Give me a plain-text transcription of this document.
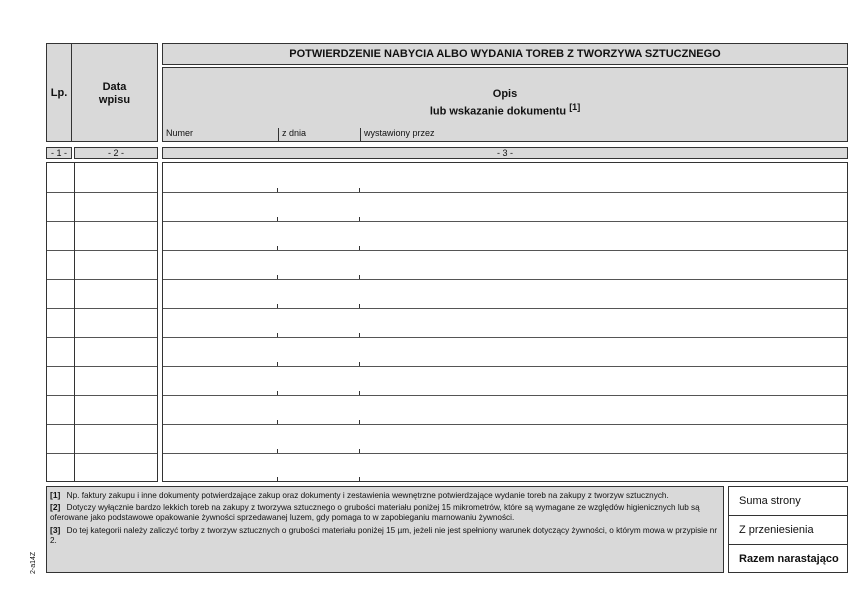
Lp.	Data
wpisu
POTWIERDZENIE NABYCIA ALBO WYDANIA TOREB Z TWORZYWA SZTUCZNEGO
Opis
lub wskazanie dokumentu [1]
Numer	z dnia	wystawiony przez
- 1 -	- 2 -	- 3 -
[1] Np. faktury zakupu i inne dokumenty potwierdzające zakup oraz dokumenty i zestawienia wewnętrzne potwierdzające wydanie toreb na zakupy z tworzyw sztucznych.
[2] Dotyczy wyłącznie bardzo lekkich toreb na zakupy z tworzywa sztucznego o grubości materiału poniżej 15 mikrometrów, które są wymagane ze względów higienicznych lub są oferowane jako podstawowe opakowanie żywności sprzedawanej luzem, gdy pomaga to w zapobieganiu marnowaniu żywności.
[3] Do tej kategorii należy zaliczyć torby z tworzyw sztucznych o grubości materiału poniżej 15 µm, jeżeli nie jest spełniony warunek dotyczący żywności, o którym mowa w przypisie nr 2.
Suma strony
Z przeniesienia
Razem narastająco
2-a14Z
